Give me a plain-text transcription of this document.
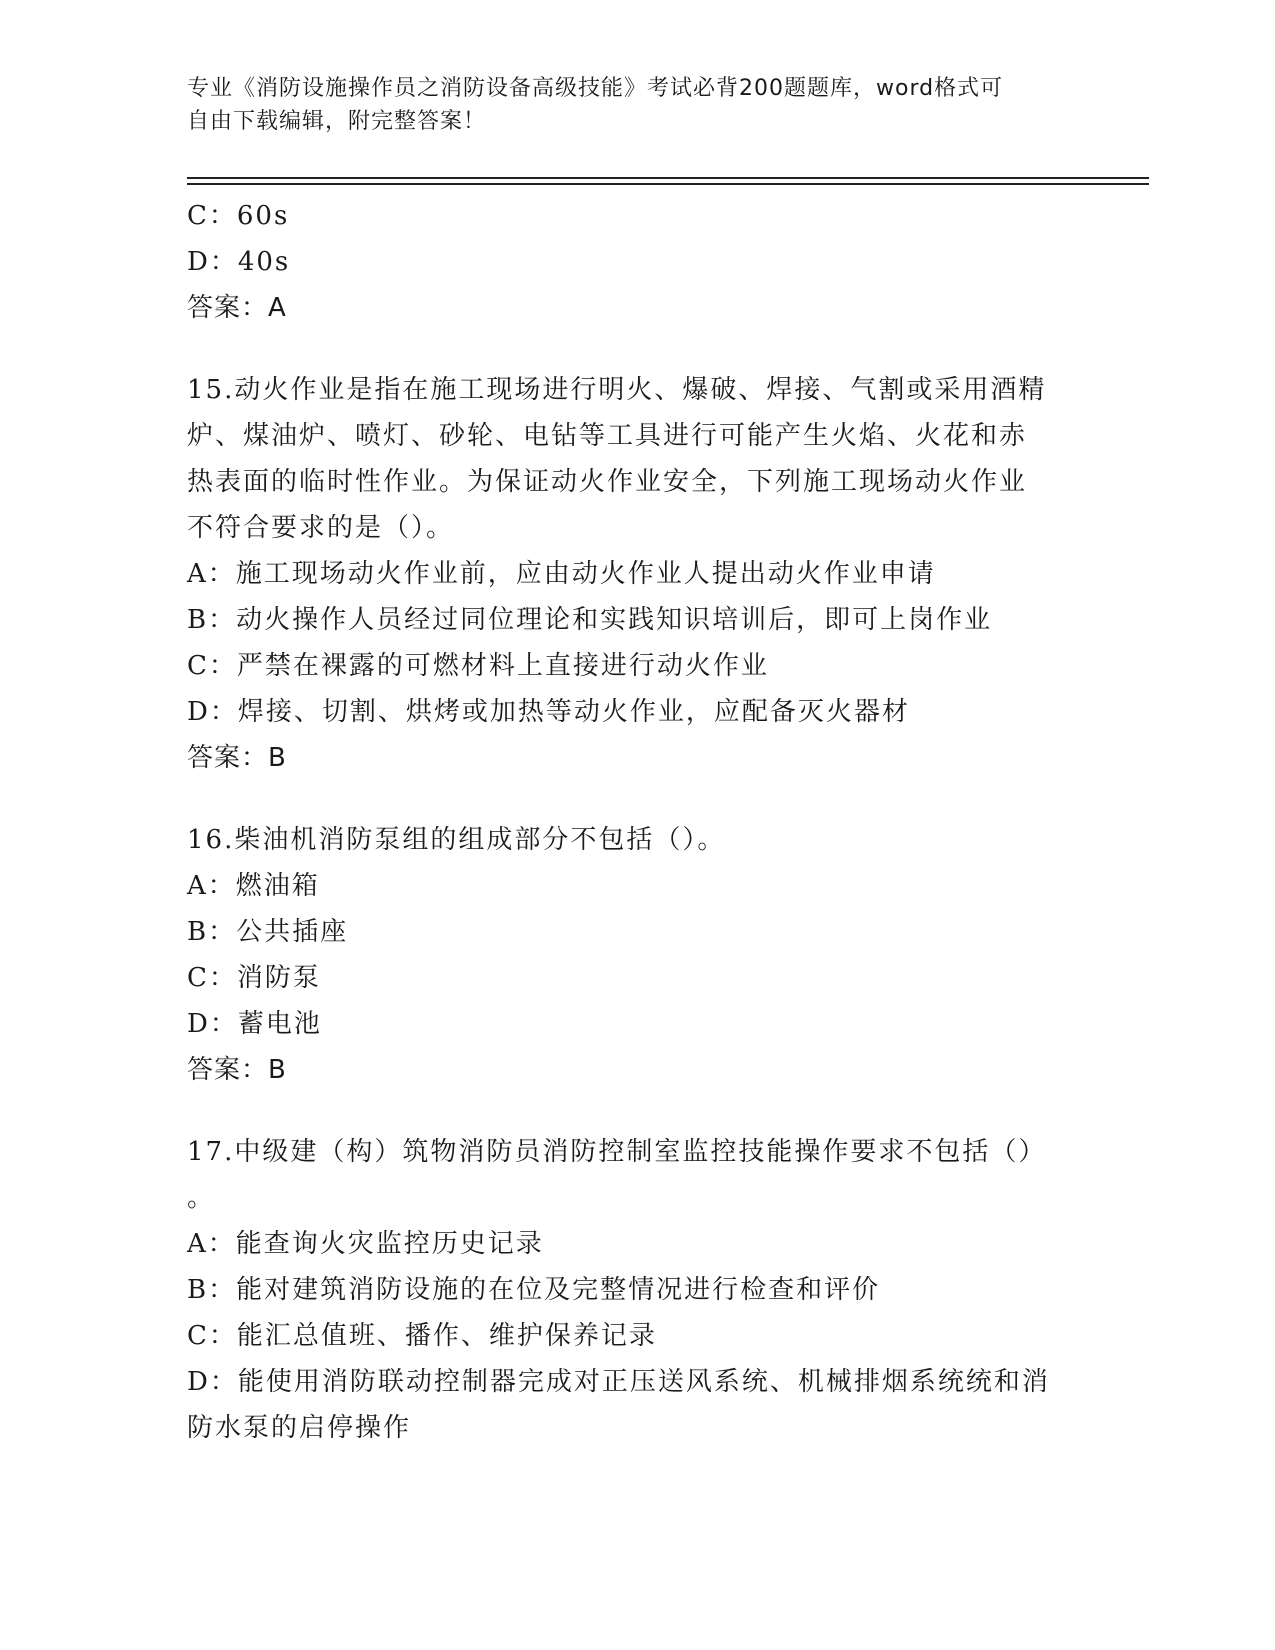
专业《消防设施操作员之消防设备高级技能》考试必背200题题库，word格式可
自由下载编辑，附完整答案！
C：60s
D：40s
答案：A
15.动火作业是指在施工现场进行明火、爆破、焊接、气割或采用酒精
炉、煤油炉、喷灯、砂轮、电钻等工具进行可能产生火焰、火花和赤
热表面的临时性作业。为保证动火作业安全，下列施工现场动火作业
不符合要求的是（）。
A：施工现场动火作业前，应由动火作业人提出动火作业申请
B：动火操作人员经过同位理论和实践知识培训后，即可上岗作业
C：严禁在裸露的可燃材料上直接进行动火作业
D：焊接、切割、烘烤或加热等动火作业，应配备灭火器材
答案：B
16.柴油机消防泵组的组成部分不包括（）。
A：燃油箱
B：公共插座
C：消防泵
D：蓄电池
答案：B
17.中级建（构）筑物消防员消防控制室监控技能操作要求不包括（）
。
A：能查询火灾监控历史记录
B：能对建筑消防设施的在位及完整情况进行检查和评价
C：能汇总值班、播作、维护保养记录
D：能使用消防联动控制器完成对正压送风系统、机械排烟系统统和消
防水泵的启停操作
